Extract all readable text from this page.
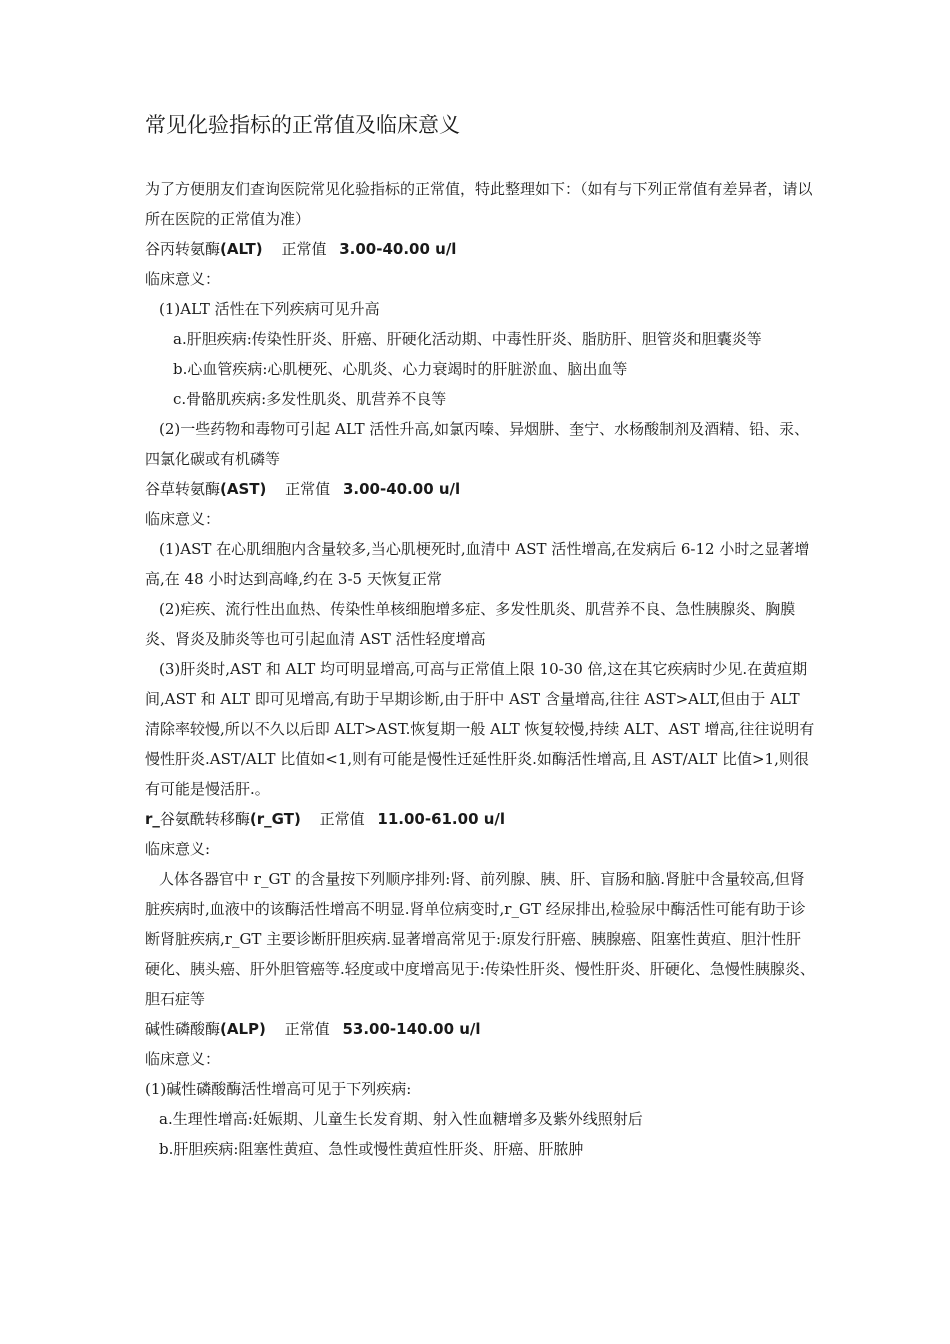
常见化验指标的正常值及临床意义

为了方便朋友们查询医院常见化验指标的正常值，特此整理如下：（如有与下列正常值有差异者，请以所在医院的正常值为准）

谷丙转氨酶(ALT) 正常值 3.00-40.00 u/l

临床意义：

(1)ALT 活性在下列疾病可见升高

a.肝胆疾病:传染性肝炎、肝癌、肝硬化活动期、中毒性肝炎、脂肪肝、胆管炎和胆囊炎等

b.心血管疾病:心肌梗死、心肌炎、心力衰竭时的肝脏淤血、脑出血等

c.骨骼肌疾病:多发性肌炎、肌营养不良等

(2)一些药物和毒物可引起 ALT 活性升高,如氯丙嗪、异烟肼、奎宁、水杨酸制剂及酒精、铅、汞、四氯化碳或有机磷等

谷草转氨酶(AST) 正常值 3.00-40.00 u/l

临床意义：

(1)AST 在心肌细胞内含量较多,当心肌梗死时,血清中 AST 活性增高,在发病后 6-12 小时之显著增高,在 48 小时达到高峰,约在 3-5 天恢复正常

(2)疟疾、流行性出血热、传染性单核细胞增多症、多发性肌炎、肌营养不良、急性胰腺炎、胸膜炎、肾炎及肺炎等也可引起血清 AST 活性轻度增高

(3)肝炎时,AST 和 ALT 均可明显增高,可高与正常值上限 10-30 倍,这在其它疾病时少见.在黄疸期间,AST 和 ALT 即可见增高,有助于早期诊断,由于肝中 AST 含量增高,往往 AST>ALT,但由于 ALT 清除率较慢,所以不久以后即 ALT>AST.恢复期一般 ALT 恢复较慢,持续 ALT、AST 增高,往往说明有慢性肝炎.AST/ALT 比值如<1,则有可能是慢性迁延性肝炎.如酶活性增高,且 AST/ALT 比值>1,则很有可能是慢活肝.。

r_谷氨酰转移酶(r_GT) 正常值 11.00-61.00 u/l

临床意义:

人体各器官中 r_GT 的含量按下列顺序排列:肾、前列腺、胰、肝、盲肠和脑.肾脏中含量较高,但肾脏疾病时,血液中的该酶活性增高不明显.肾单位病变时,r_GT 经尿排出,检验尿中酶活性可能有助于诊断肾脏疾病,r_GT 主要诊断肝胆疾病.显著增高常见于:原发行肝癌、胰腺癌、阻塞性黄疸、胆汁性肝硬化、胰头癌、肝外胆管癌等.轻度或中度增高见于:传染性肝炎、慢性肝炎、肝硬化、急慢性胰腺炎、胆石症等

碱性磷酸酶(ALP) 正常值 53.00-140.00 u/l

临床意义：

(1)碱性磷酸酶活性增高可见于下列疾病:

a.生理性增高:妊娠期、儿童生长发育期、射入性血糖增多及紫外线照射后

b.肝胆疾病:阻塞性黄疸、急性或慢性黄疸性肝炎、肝癌、肝脓肿
